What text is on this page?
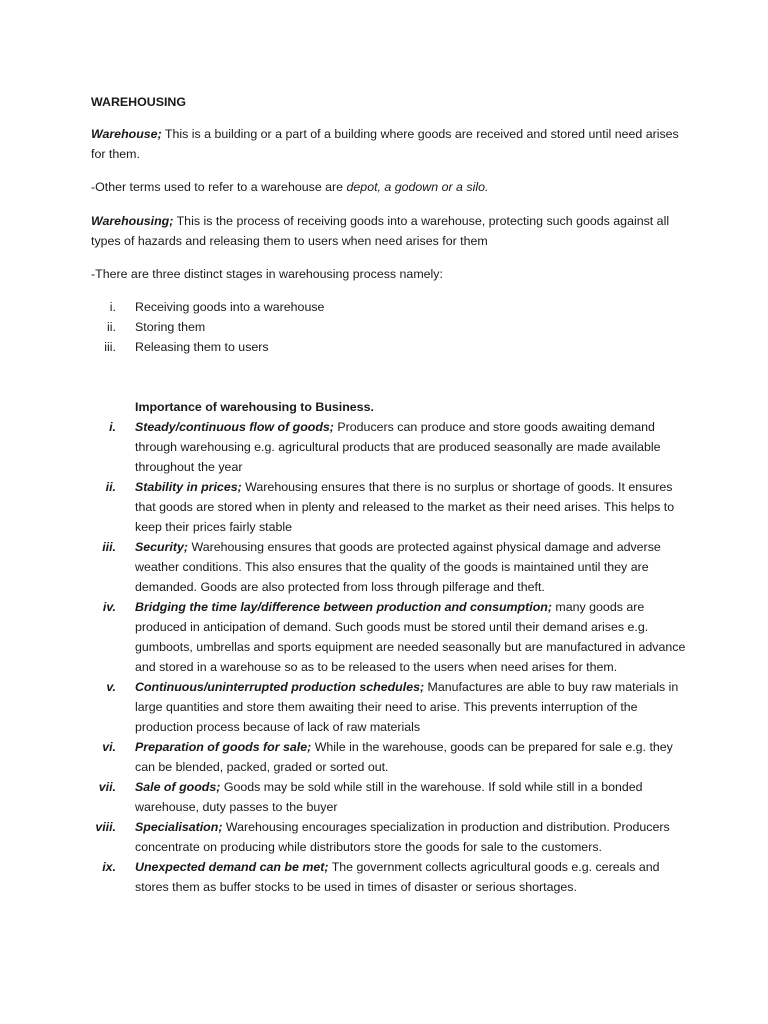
WAREHOUSING

Warehouse; This is a building or a part of a building where goods are received and stored until need arises for them.

-Other terms used to refer to a warehouse are depot, a godown or a silo.

Warehousing; This is the process of receiving goods into a warehouse, protecting such goods against all types of hazards and releasing them to users when need arises for them

-There are three distinct stages in warehousing process namely:

i. Receiving goods into a warehouse
ii. Storing them
iii. Releasing them to users

Importance of warehousing to Business.

i. Steady/continuous flow of goods; Producers can produce and store goods awaiting demand through warehousing e.g. agricultural products that are produced seasonally are made available throughout the year
ii. Stability in prices; Warehousing ensures that there is no surplus or shortage of goods. It ensures that goods are stored when in plenty and released to the market as their need arises. This helps to keep their prices fairly stable
iii. Security; Warehousing ensures that goods are protected against physical damage and adverse weather conditions. This also ensures that the quality of the goods is maintained until they are demanded. Goods are also protected from loss through pilferage and theft.
iv. Bridging the time lay/difference between production and consumption; many goods are produced in anticipation of demand. Such goods must be stored until their demand arises e.g. gumboots, umbrellas and sports equipment are needed seasonally but are manufactured in advance and stored in a warehouse so as to be released to the users when need arises for them.
v. Continuous/uninterrupted production schedules; Manufactures are able to buy raw materials in large quantities and store them awaiting their need to arise. This prevents interruption of the production process because of lack of raw materials
vi. Preparation of goods for sale; While in the warehouse, goods can be prepared for sale e.g. they can be blended, packed, graded or sorted out.
vii. Sale of goods; Goods may be sold while still in the warehouse. If sold while still in a bonded warehouse, duty passes to the buyer
viii. Specialisation; Warehousing encourages specialization in production and distribution. Producers concentrate on producing while distributors store the goods for sale to the customers.
ix. Unexpected demand can be met; The government collects agricultural goods e.g. cereals and stores them as buffer stocks to be used in times of disaster or serious shortages.
